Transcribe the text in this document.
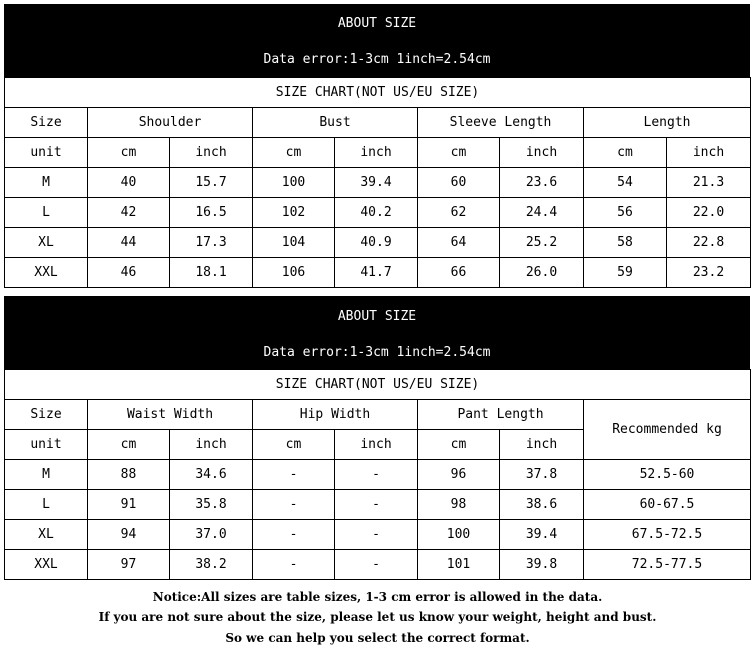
ABOUT SIZE
Data error:1-3cm 1inch=2.54cm
SIZE CHART(NOT US/EU SIZE)								
Size	Shoulder		Bust		Sleeve Length		Length	
unit	cm	inch	cm	inch	cm	inch	cm	inch
M	40	15.7	100	39.4	60	23.6	54	21.3
L	42	16.5	102	40.2	62	24.4	56	22.0
XL	44	17.3	104	40.9	64	25.2	58	22.8
XXL	46	18.1	106	41.7	66	26.0	59	23.2
ABOUT SIZE
Data error:1-3cm 1inch=2.54cm
SIZE CHART(NOT US/EU SIZE)							
Size	Waist Width		Hip Width		Pant Length		Recommended kg
unit	cm	inch	cm	inch	cm	inch	
M	88	34.6	-	-	96	37.8	52.5-60
L	91	35.8	-	-	98	38.6	60-67.5
XL	94	37.0	-	-	100	39.4	67.5-72.5
XXL	97	38.2	-	-	101	39.8	72.5-77.5
Notice:All sizes are table sizes, 1-3 cm error is allowed in the data.
If you are not sure about the size, please let us know your weight, height and bust.
So we can help you select the correct format.
